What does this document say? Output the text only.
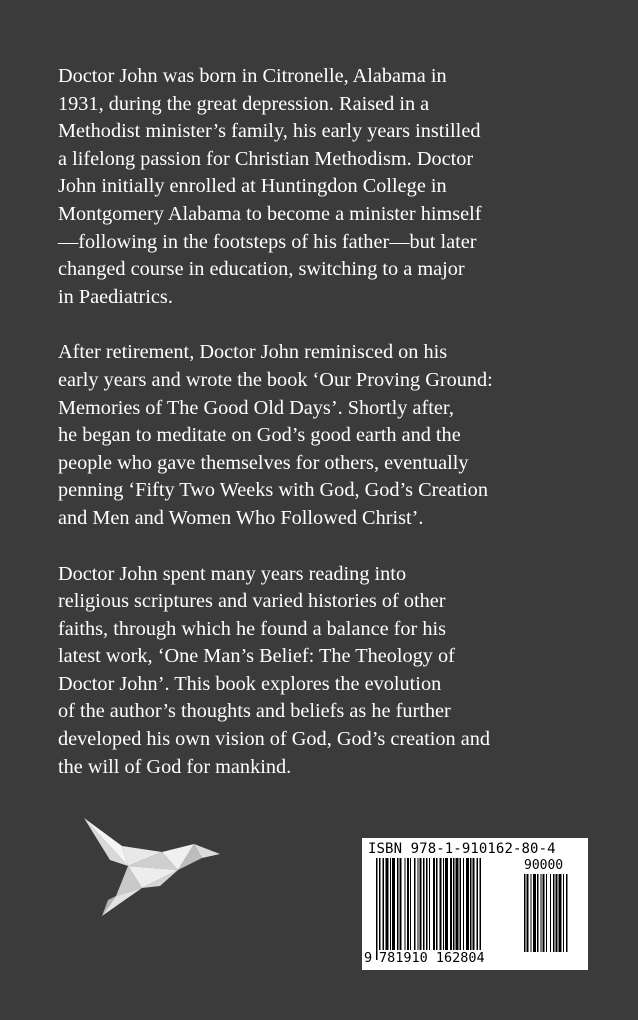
Doctor John was born in Citronelle, Alabama in
1931, during the great depression. Raised in a
Methodist minister’s family, his early years instilled
a lifelong passion for Christian Methodism. Doctor
John initially enrolled at Huntingdon College in
Montgomery Alabama to become a minister himself
—following in the footsteps of his father—but later
changed course in education, switching to a major
in Paediatrics.

After retirement, Doctor John reminisced on his
early years and wrote the book ‘Our Proving Ground:
Memories of The Good Old Days’. Shortly after,
he began to meditate on God’s good earth and the
people who gave themselves for others, eventually
penning ‘Fifty Two Weeks with God, God’s Creation
and Men and Women Who Followed Christ’.

Doctor John spent many years reading into
religious scriptures and varied histories of other
faiths, through which he found a balance for his
latest work, ‘One Man’s Belief: The Theology of
Doctor John’. This book explores the evolution
of the author’s thoughts and beliefs as he further
developed his own vision of God, God’s creation and
the will of God for mankind.

ISBN 978-1-910162-80-4
90000
9 781910 162804
